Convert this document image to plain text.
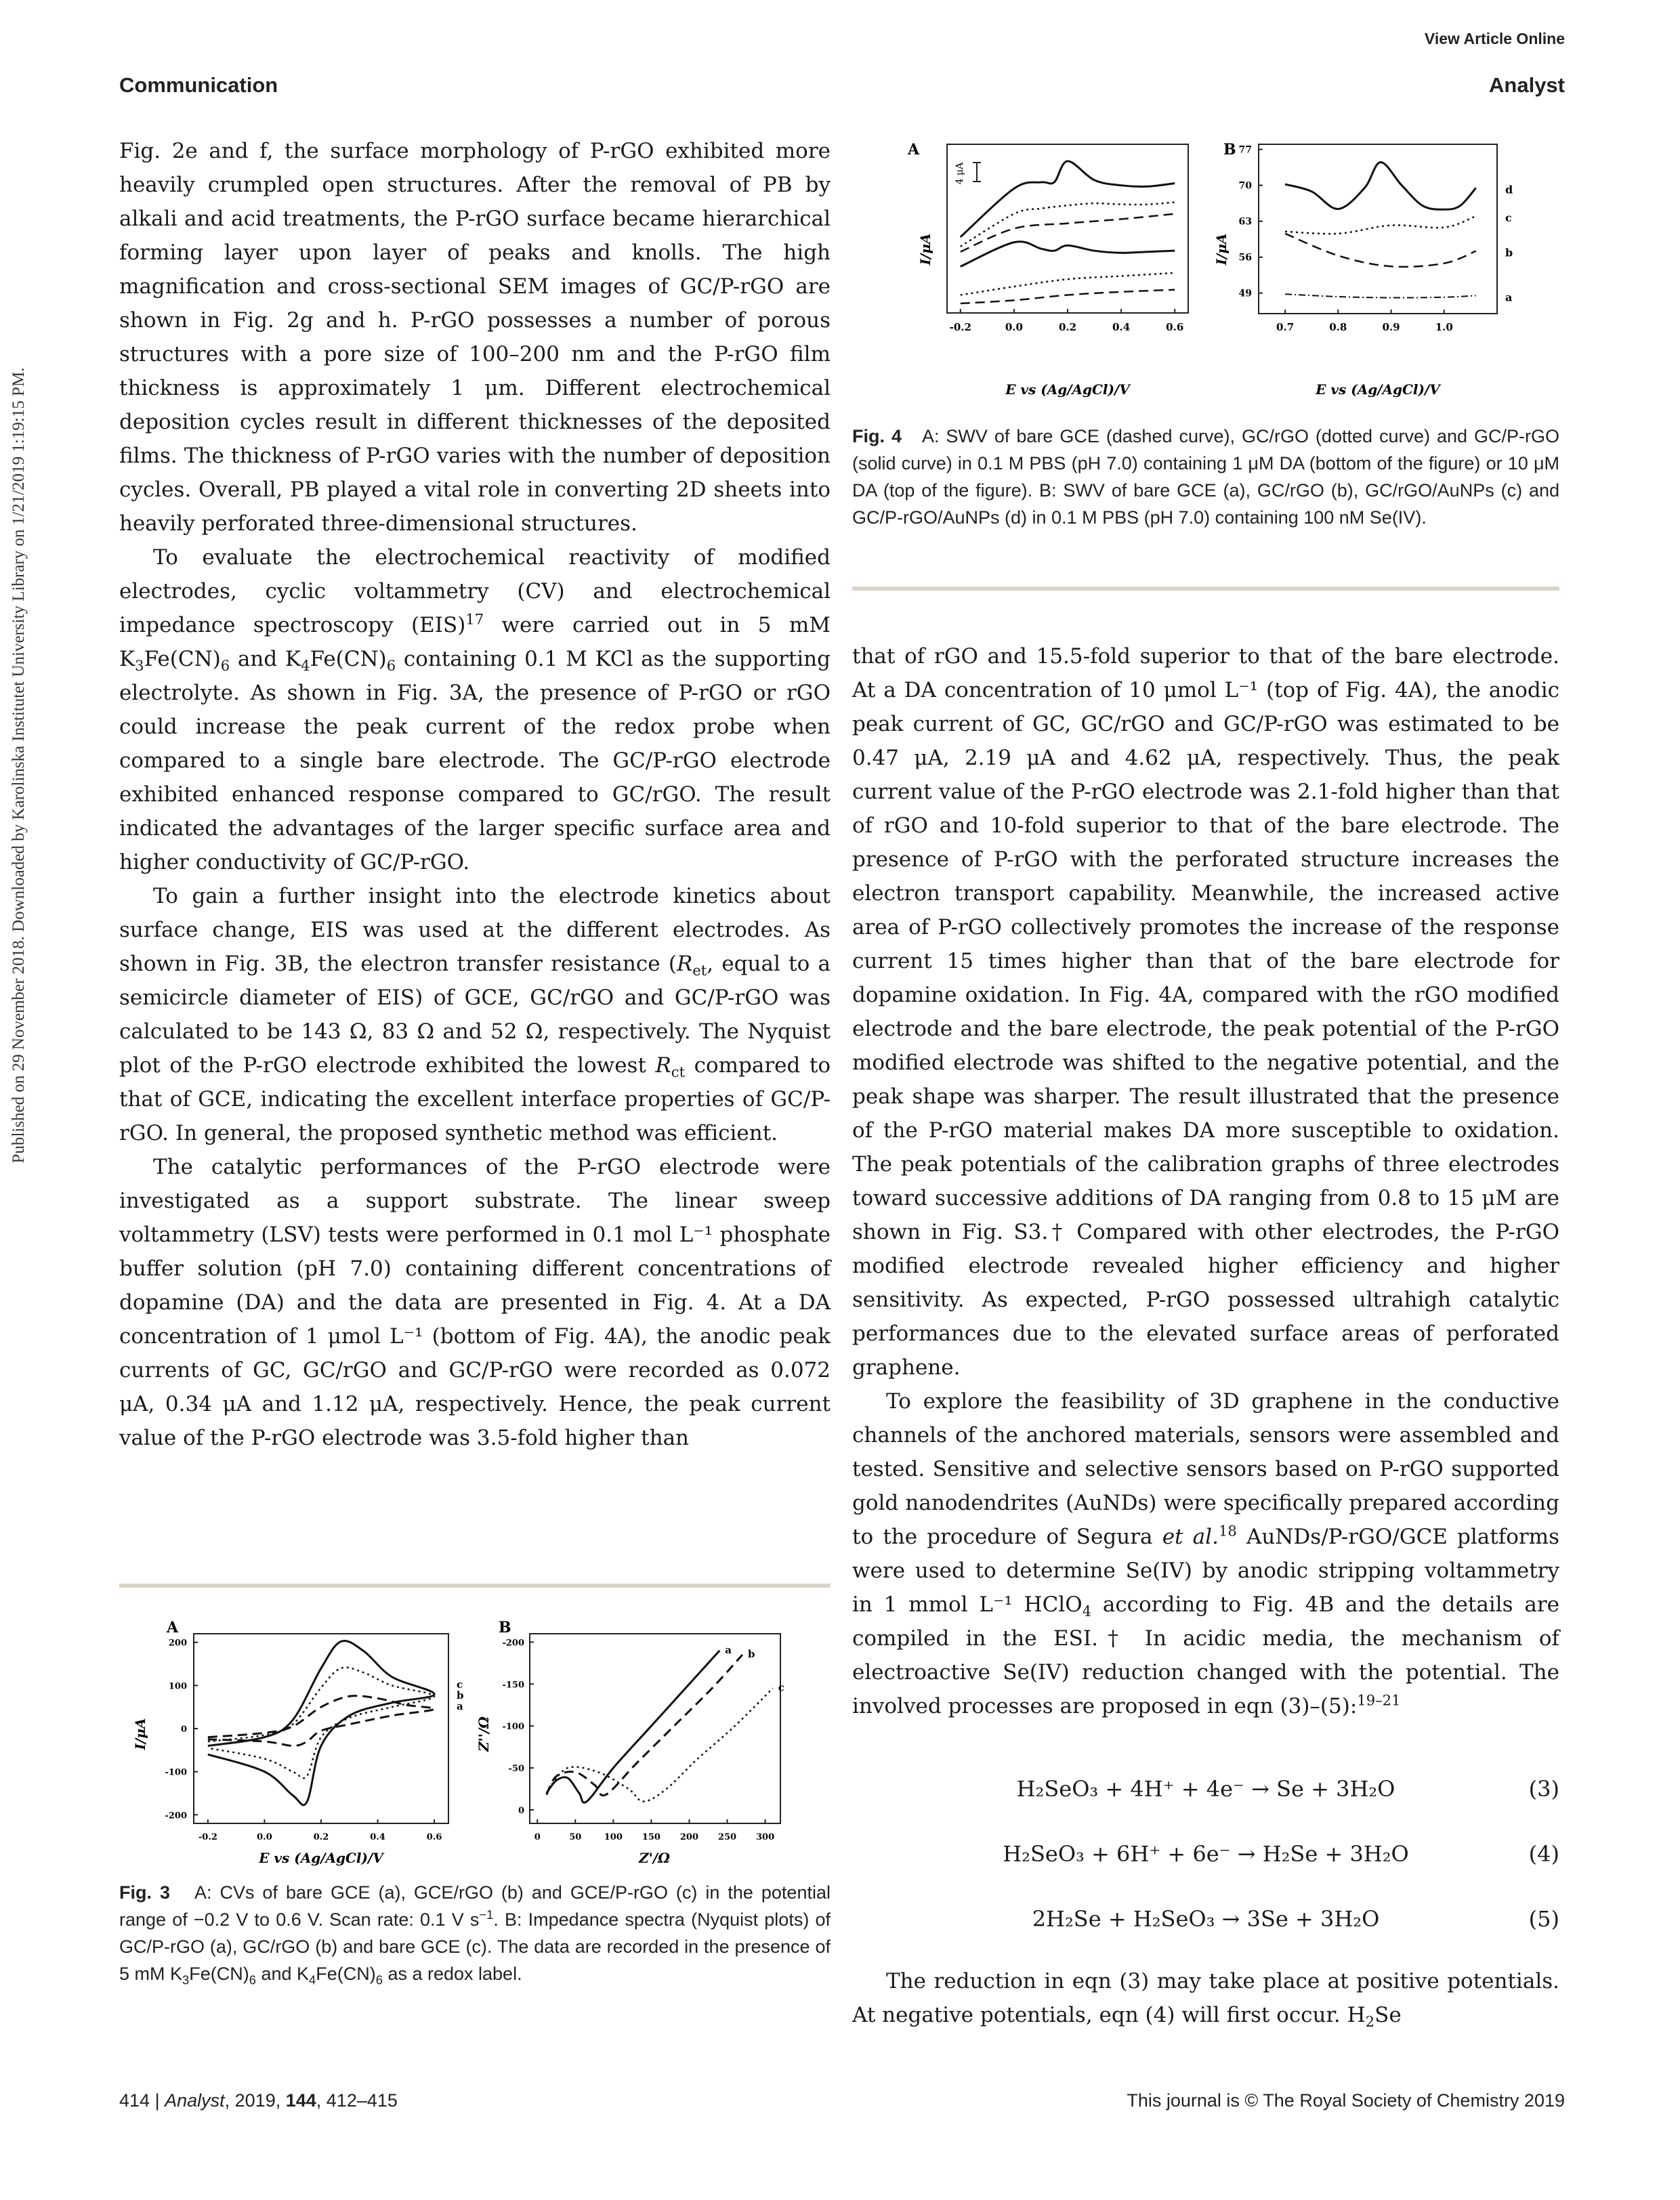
View Article Online
Communication	Analyst
Published on 29 November 2018. Downloaded by Karolinska Institutet University Library on 1/21/2019 1:19:15 PM.

Fig. 2e and f, the surface morphology of P-rGO exhibited more heavily crumpled open structures. After the removal of PB by alkali and acid treatments, the P-rGO surface became hierarchical forming layer upon layer of peaks and knolls. The high magnification and cross-sectional SEM images of GC/P-rGO are shown in Fig. 2g and h. P-rGO possesses a number of porous structures with a pore size of 100–200 nm and the P-rGO film thickness is approximately 1 μm. Different electrochemical deposition cycles result in different thicknesses of the deposited films. The thickness of P-rGO varies with the number of deposition cycles. Overall, PB played a vital role in converting 2D sheets into heavily perforated three-dimensional structures.

To evaluate the electrochemical reactivity of modified electrodes, cyclic voltammetry (CV) and electrochemical impedance spectroscopy (EIS)$^{17}$ were carried out in 5 mM $K_3Fe(CN)_6$ and $K_4Fe(CN)_6$ containing 0.1 M KCl as the supporting electrolyte. As shown in Fig. 3A, the presence of P-rGO or rGO could increase the peak current of the redox probe when compared to a single bare electrode. The GC/P-rGO electrode exhibited enhanced response compared to GC/rGO. The result indicated the advantages of the larger specific surface area and higher conductivity of GC/P-rGO.

To gain a further insight into the electrode kinetics about surface change, EIS was used at the different electrodes. As shown in Fig. 3B, the electron transfer resistance ($R_{et}$, equal to a semicircle diameter of EIS) of GCE, GC/rGO and GC/P-rGO was calculated to be 143 Ω, 83 Ω and 52 Ω, respectively. The Nyquist plot of the P-rGO electrode exhibited the lowest $R_{ct}$ compared to that of GCE, indicating the excellent interface properties of GC/P-rGO. In general, the proposed synthetic method was efficient.

The catalytic performances of the P-rGO electrode were investigated as a support substrate. The linear sweep voltammetry (LSV) tests were performed in 0.1 mol L⁻¹ phosphate buffer solution (pH 7.0) containing different concentrations of dopamine (DA) and the data are presented in Fig. 4. At a DA concentration of 1 μmol L⁻¹ (bottom of Fig. 4A), the anodic peak currents of GC, GC/rGO and GC/P-rGO were recorded as 0.072 μA, 0.34 μA and 1.12 μA, respectively. Hence, the peak current value of the P-rGO electrode was 3.5-fold higher than

A
4 μA
I/μA
-0.2	0.0	0.2	0.4	0.6
E vs (Ag/AgCl)/V
B 77
70
63
56
49
0.7	0.8	0.9	1.0
d
c
b
a
I/μA
E vs (Ag/AgCl)/V
Fig. 4 A: SWV of bare GCE (dashed curve), GC/rGO (dotted curve) and GC/P-rGO (solid curve) in 0.1 M PBS (pH 7.0) containing 1 μM DA (bottom of the figure) or 10 μM DA (top of the figure). B: SWV of bare GCE (a), GC/rGO (b), GC/rGO/AuNPs (c) and GC/P-rGO/AuNPs (d) in 0.1 M PBS (pH 7.0) containing 100 nM Se(IV).

that of rGO and 15.5-fold superior to that of the bare electrode. At a DA concentration of 10 μmol L⁻¹ (top of Fig. 4A), the anodic peak current of GC, GC/rGO and GC/P-rGO was estimated to be 0.47 μA, 2.19 μA and 4.62 μA, respectively. Thus, the peak current value of the P-rGO electrode was 2.1-fold higher than that of rGO and 10-fold superior to that of the bare electrode. The presence of P-rGO with the perforated structure increases the electron transport capability. Meanwhile, the increased active area of P-rGO collectively promotes the increase of the response current 15 times higher than that of the bare electrode for dopamine oxidation. In Fig. 4A, compared with the rGO modified electrode and the bare electrode, the peak potential of the P-rGO modified electrode was shifted to the negative potential, and the peak shape was sharper. The result illustrated that the presence of the P-rGO material makes DA more susceptible to oxidation. The peak potentials of the calibration graphs of three electrodes toward successive additions of DA ranging from 0.8 to 15 μM are shown in Fig. S3.† Compared with other electrodes, the P-rGO modified electrode revealed higher efficiency and higher sensitivity. As expected, P-rGO possessed ultrahigh catalytic performances due to the elevated surface areas of perforated graphene.

To explore the feasibility of 3D graphene in the conductive channels of the anchored materials, sensors were assembled and tested. Sensitive and selective sensors based on P-rGO supported gold nanodendrites (AuNDs) were specifically prepared according to the procedure of Segura et al.$^{18}$ AuNDs/P-rGO/GCE platforms were used to determine Se(IV) by anodic stripping voltammetry in 1 mmol L⁻¹ HClO$_4$ according to Fig. 4B and the details are compiled in the ESI.† In acidic media, the mechanism of electroactive Se(IV) reduction changed with the potential. The involved processes are proposed in eqn (3)–(5):$^{19-21}$

H₂SeO₃ + 4H⁺ + 4e⁻ → Se + 3H₂O	(3)
H₂SeO₃ + 6H⁺ + 6e⁻ → H₂Se + 3H₂O	(4)
2H₂Se + H₂SeO₃ → 3Se + 3H₂O	(5)

The reduction in eqn (3) may take place at positive potentials. At negative potentials, eqn (4) will first occur. $H_2Se$

A
200
100
0
-100
-200
-0.2	0.0	0.2	0.4	0.6
c
b
a
I/μA
E vs (Ag/AgCl)/V
B
-200
-150
-100
-50
0
0	50	100 150 200 250 300
a b
c
Z''/Ω
Z'/Ω
Fig. 3 A: CVs of bare GCE (a), GCE/rGO (b) and GCE/P-rGO (c) in the potential range of −0.2 V to 0.6 V. Scan rate: 0.1 V $s^{-1}$. B: Impedance spectra (Nyquist plots) of GC/P-rGO (a), GC/rGO (b) and bare GCE (c). The data are recorded in the presence of 5 mM $K_3Fe(CN)_6$ and $K_4Fe(CN)_6$ as a redox label.
414 | Analyst, 2019, 144, 412–415	This journal is © The Royal Society of Chemistry 2019
